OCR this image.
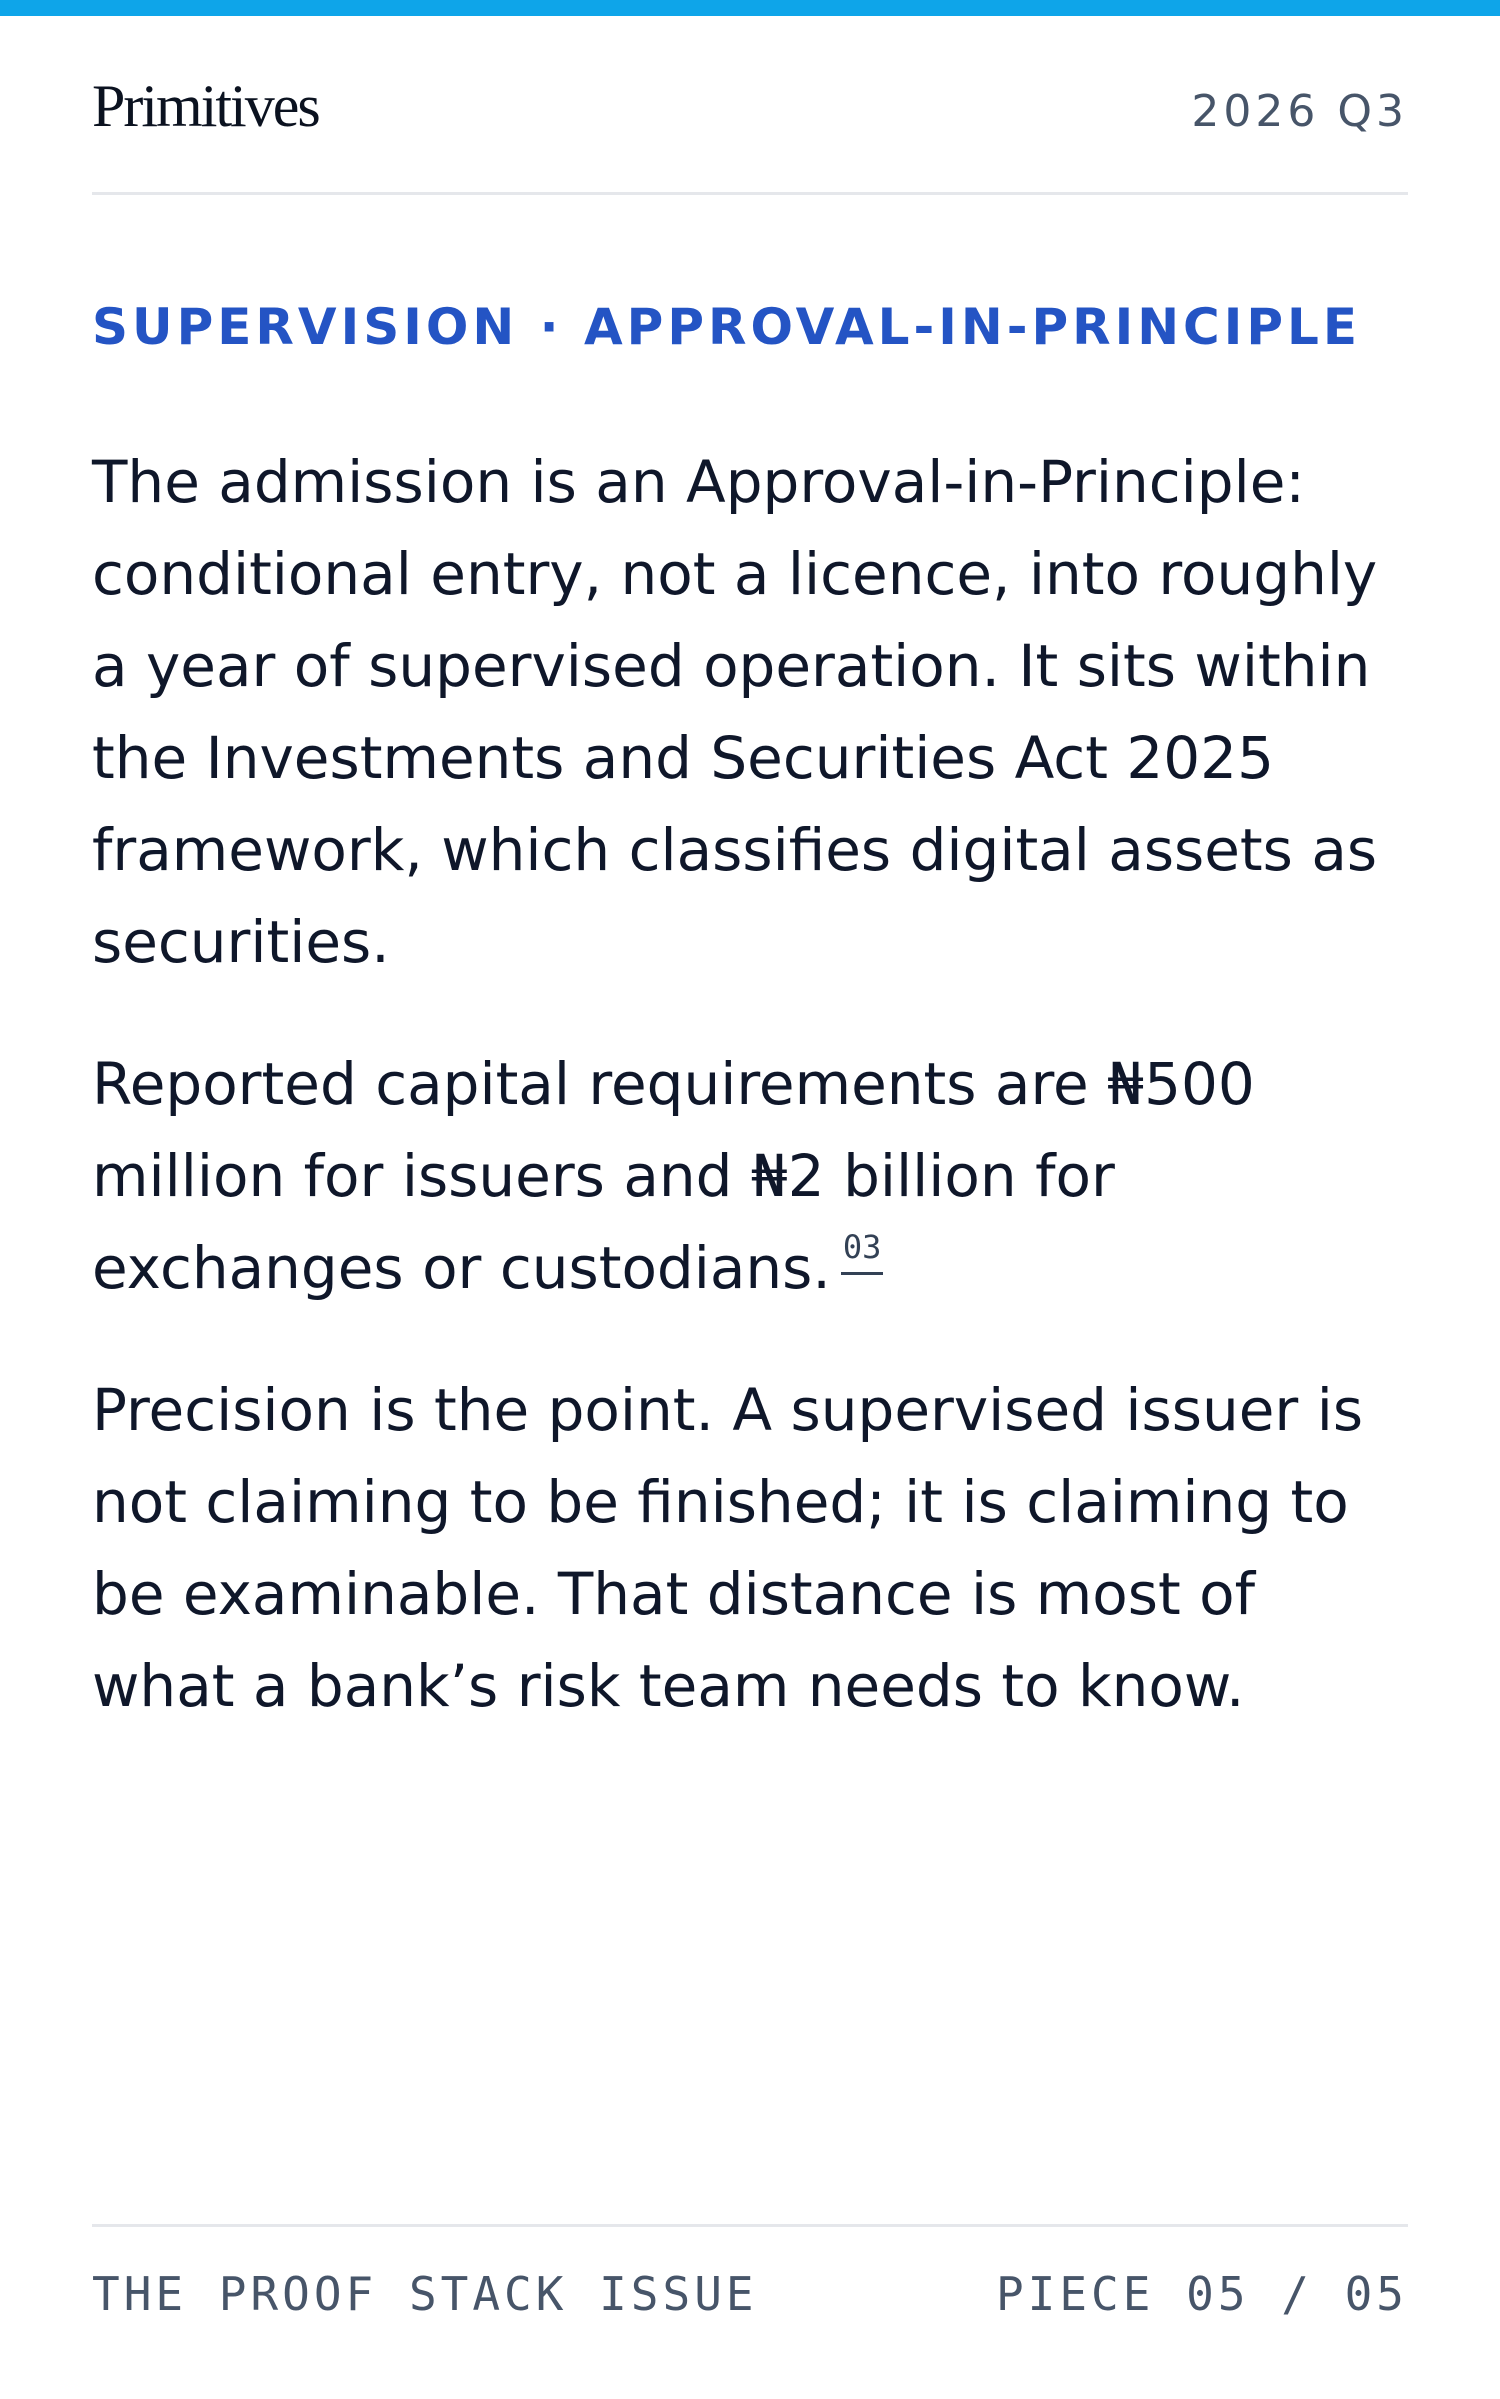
Primitives	2026 Q3
SUPERVISION · APPROVAL-IN-PRINCIPLE

The admission is an Approval-in-Principle: conditional entry, not a licence, into roughly a year of supervised operation. It sits within the Investments and Securities Act 2025 framework, which classifies digital assets as securities.

Reported capital requirements are ₦500 million for issuers and ₦2 billion for exchanges or custodians. $^{03}$

Precision is the point. A supervised issuer is not claiming to be finished; it is claiming to be examinable. That distance is most of what a bank’s risk team needs to know.

THE PROOF STACK ISSUE	PIECE 05 / 05
